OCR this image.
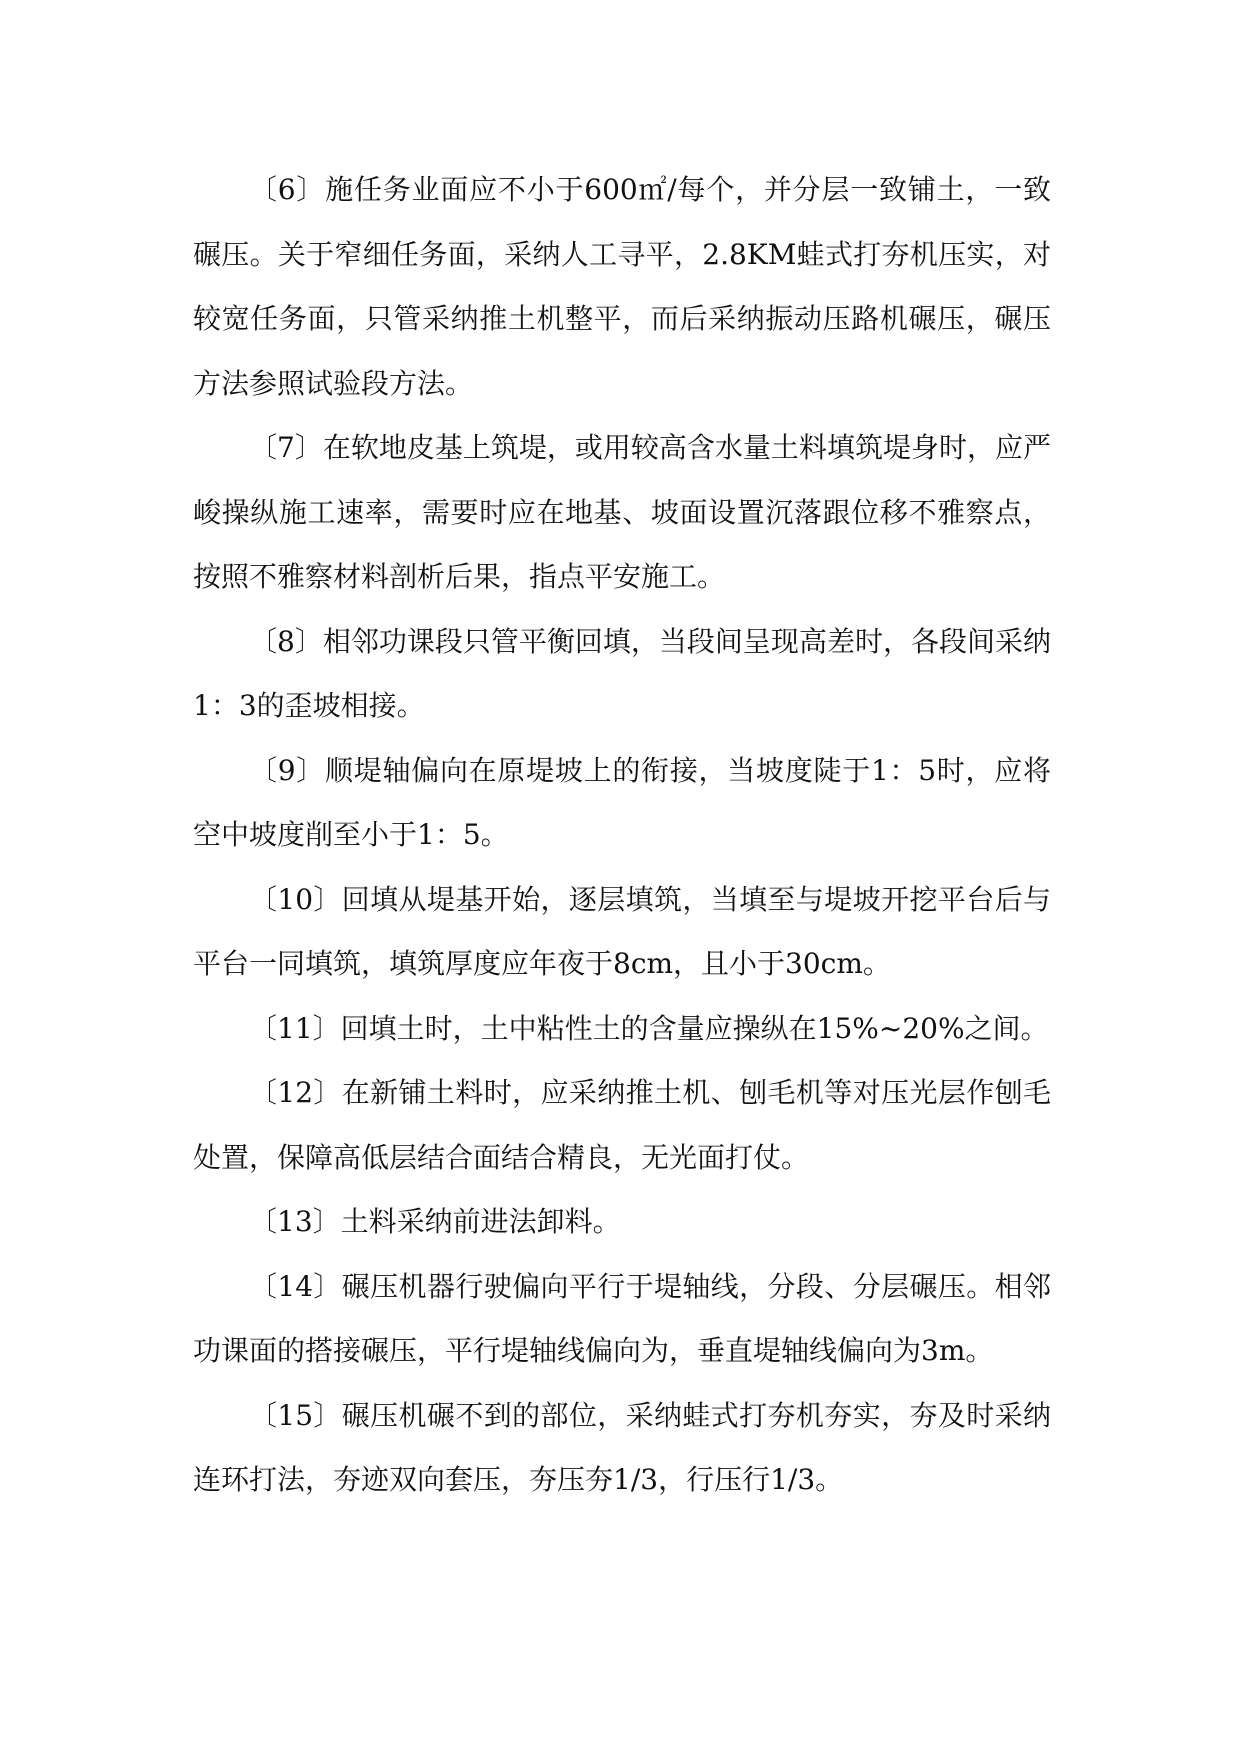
〔6〕施任务业面应不小于600㎡/每个，并分层一致铺土，一致碾压。关于窄细任务面，采纳人工寻平，2.8KM蛙式打夯机压实，对较宽任务面，只管采纳推土机整平，而后采纳振动压路机碾压，碾压方法参照试验段方法。

〔7〕在软地皮基上筑堤，或用较高含水量土料填筑堤身时，应严峻操纵施工速率，需要时应在地基、坡面设置沉落跟位移不雅察点，按照不雅察材料剖析后果，指点平安施工。

〔8〕相邻功课段只管平衡回填，当段间呈现高差时，各段间采纳1：3的歪坡相接。

〔9〕顺堤轴偏向在原堤坡上的衔接，当坡度陡于1：5时，应将空中坡度削至小于1：5。

〔10〕回填从堤基开始，逐层填筑，当填至与堤坡开挖平台后与平台一同填筑，填筑厚度应年夜于8cm，且小于30cm。

〔11〕回填土时，土中粘性土的含量应操纵在15%~20%之间。

〔12〕在新铺土料时，应采纳推土机、刨毛机等对压光层作刨毛处置，保障高低层结合面结合精良，无光面打仗。

〔13〕土料采纳前进法卸料。

〔14〕碾压机器行驶偏向平行于堤轴线，分段、分层碾压。相邻功课面的搭接碾压，平行堤轴线偏向为，垂直堤轴线偏向为3m。

〔15〕碾压机碾不到的部位，采纳蛙式打夯机夯实，夯及时采纳连环打法，夯迹双向套压，夯压夯1/3，行压行1/3。
